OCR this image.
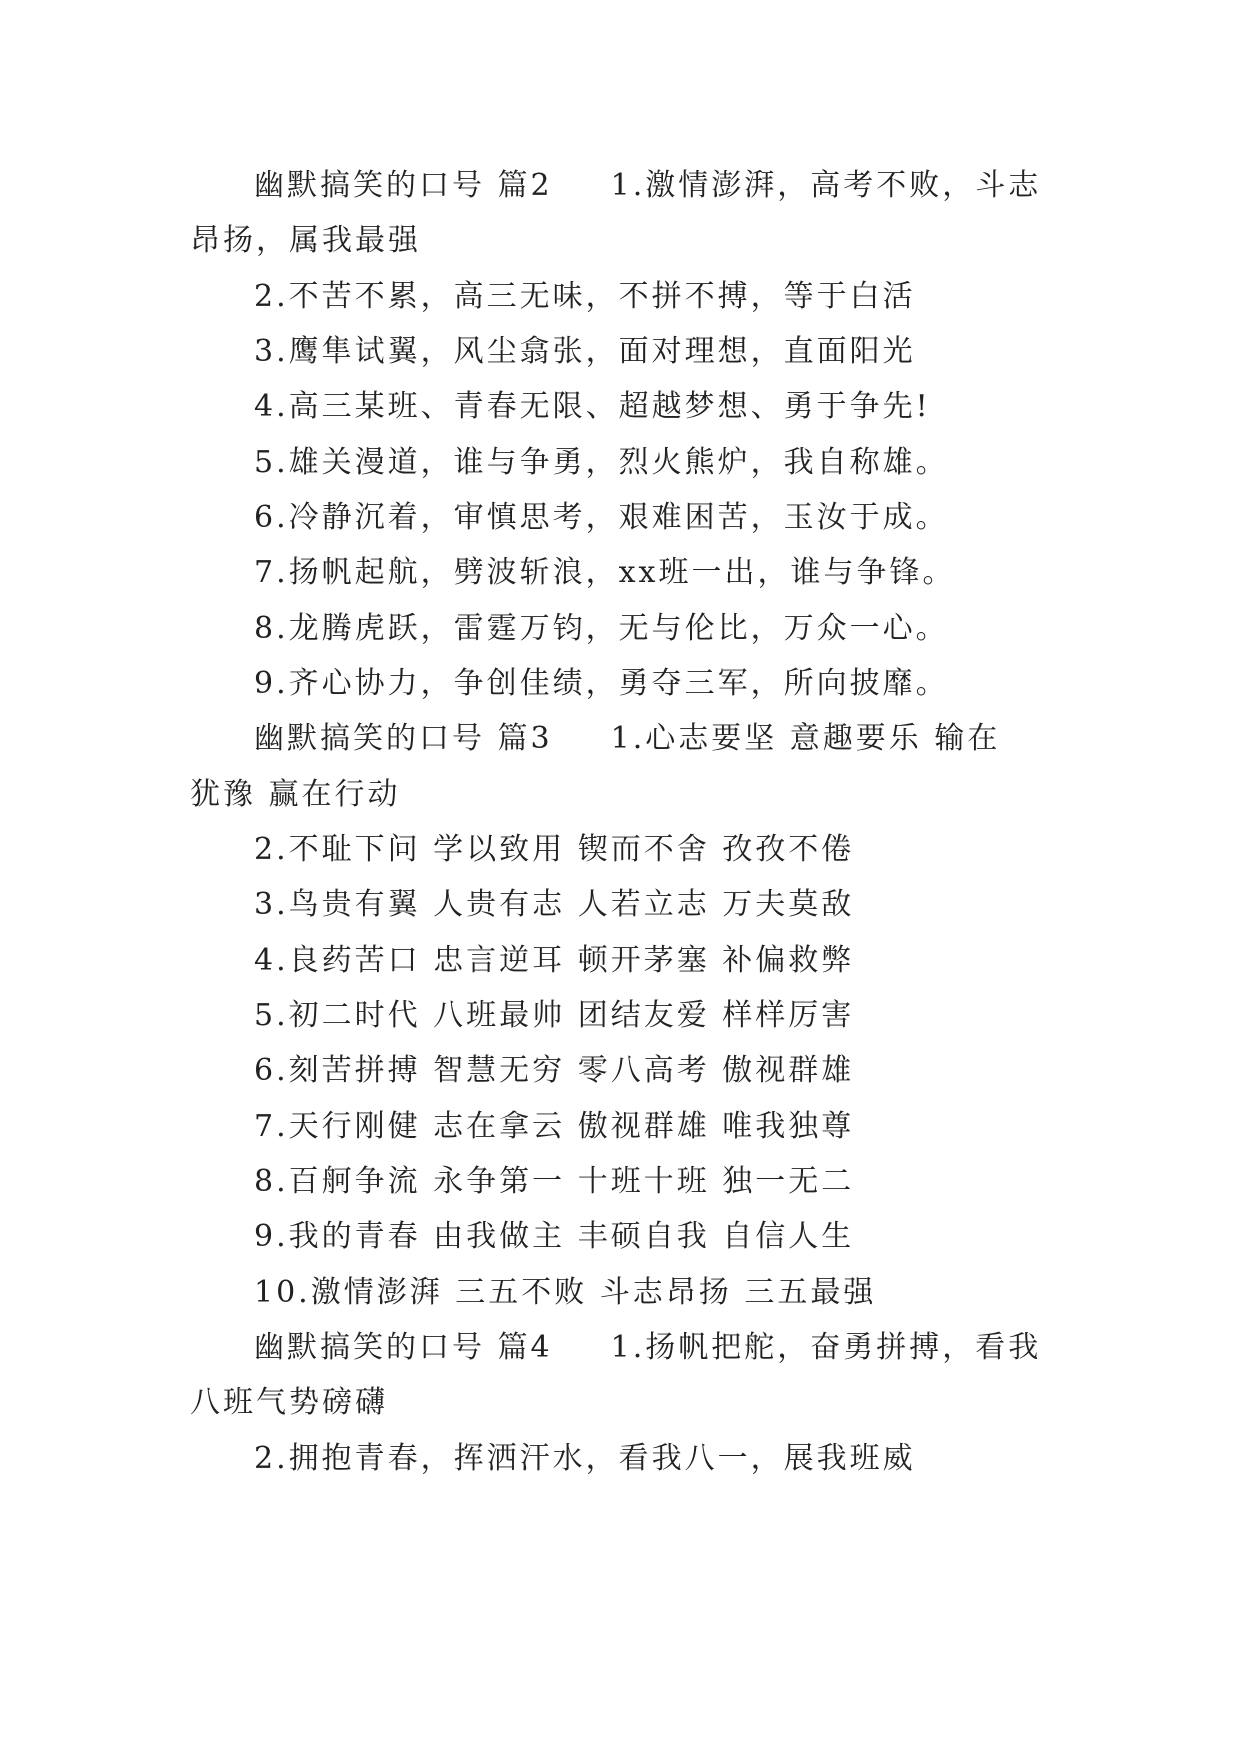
幽默搞笑的口号 篇2 1.激情澎湃，高考不败，斗志
昂扬，属我最强
2.不苦不累，高三无味，不拼不搏，等于白活
3.鹰隼试翼，风尘翕张，面对理想，直面阳光
4.高三某班、青春无限、超越梦想、勇于争先!
5.雄关漫道，谁与争勇，烈火熊炉，我自称雄。
6.冷静沉着，审慎思考，艰难困苦，玉汝于成。
7.扬帆起航，劈波斩浪，xx班一出，谁与争锋。
8.龙腾虎跃，雷霆万钧，无与伦比，万众一心。
9.齐心协力，争创佳绩，勇夺三军，所向披靡。
幽默搞笑的口号 篇3 1.心志要坚 意趣要乐 输在
犹豫 赢在行动
2.不耻下问 学以致用 锲而不舍 孜孜不倦
3.鸟贵有翼 人贵有志 人若立志 万夫莫敌
4.良药苦口 忠言逆耳 顿开茅塞 补偏救弊
5.初二时代 八班最帅 团结友爱 样样厉害
6.刻苦拼搏 智慧无穷 零八高考 傲视群雄
7.天行刚健 志在拿云 傲视群雄 唯我独尊
8.百舸争流 永争第一 十班十班 独一无二
9.我的青春 由我做主 丰硕自我 自信人生
10.激情澎湃 三五不败 斗志昂扬 三五最强
幽默搞笑的口号 篇4 1.扬帆把舵，奋勇拼搏，看我
八班气势磅礴
2.拥抱青春，挥洒汗水，看我八一，展我班威
